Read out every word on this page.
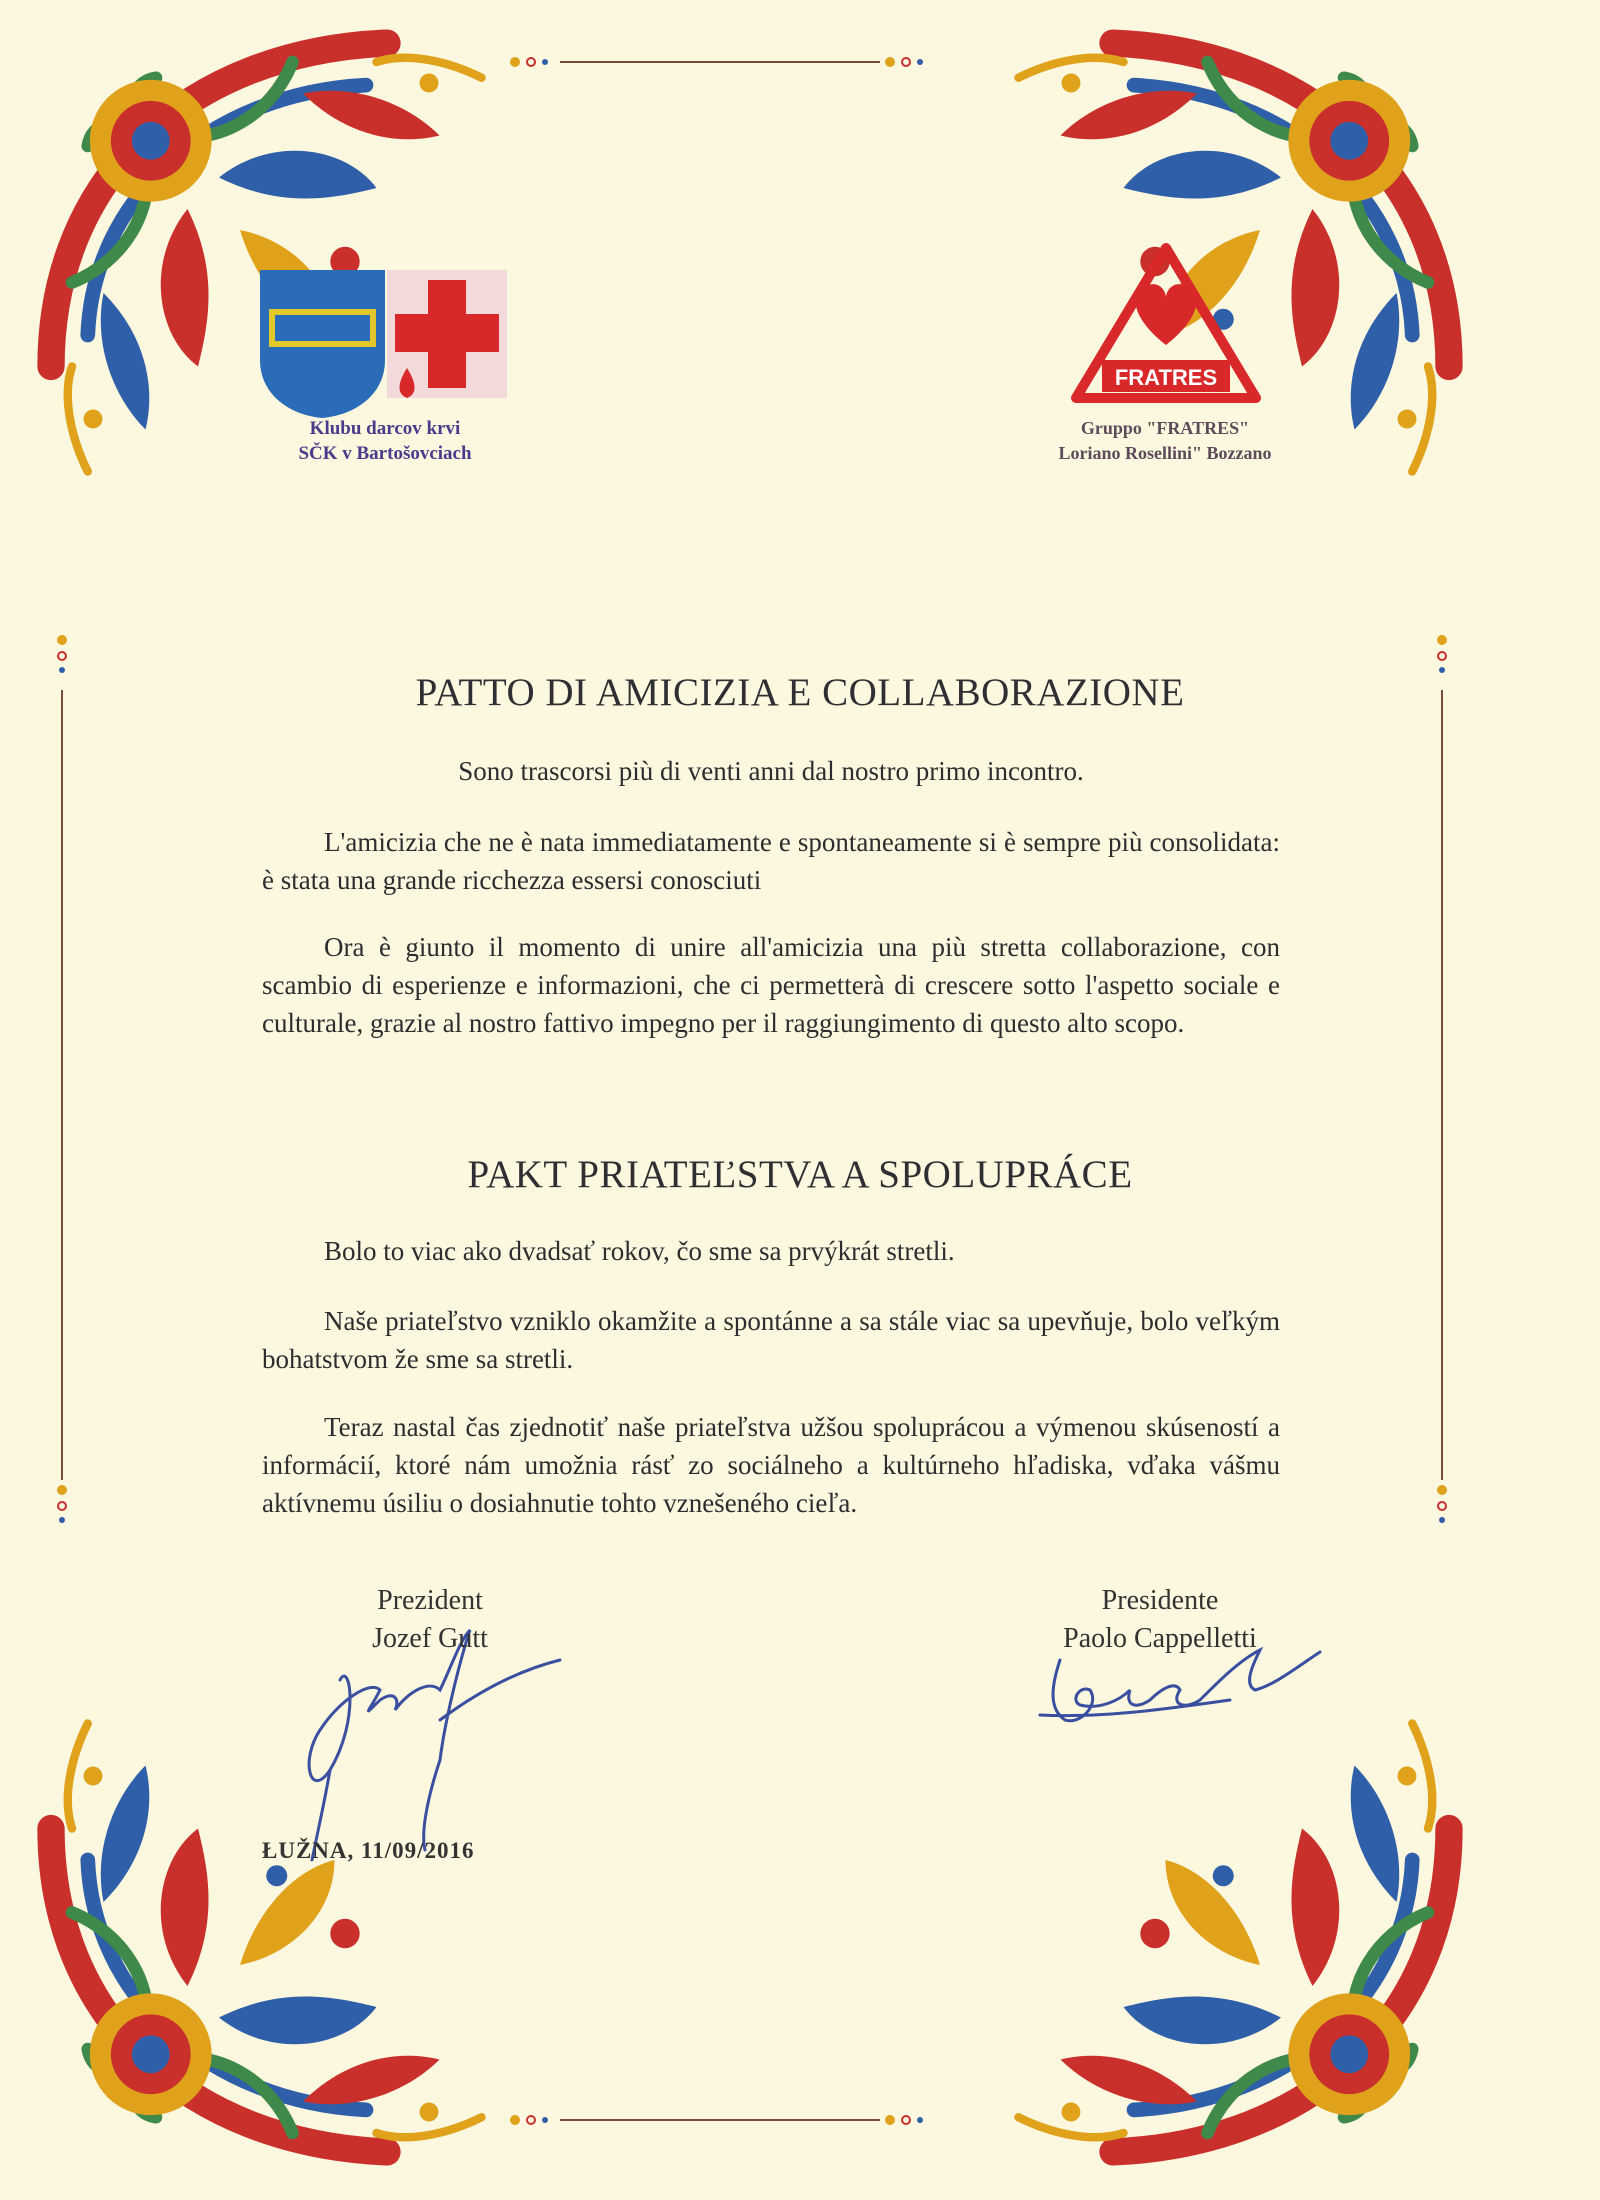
FRATRES
Klubu darcov krvi
SČK v Bartošovciach
Gruppo "FRATRES"
Loriano Rosellini" Bozzano
PATTO DI AMICIZIA E COLLABORAZIONE
Sono trascorsi più di venti anni dal nostro primo incontro.
L'amicizia che ne è nata immediatamente e spontaneamente si è sempre più consolidata: è stata una grande ricchezza essersi conosciuti
Ora è giunto il momento di unire all'amicizia una più stretta collaborazione, con scambio di esperienze e informazioni, che ci permetterà di crescere sotto l'aspetto sociale e culturale, grazie al nostro fattivo impegno per il raggiungimento di questo alto scopo.
PAKT PRIATEĽSTVA A SPOLUPRÁCE
Bolo to viac ako dvadsať rokov, čo sme sa prvýkrát stretli.
Naše priateľstvo vzniklo okamžite a spontánne a sa stále viac sa upevňuje, bolo veľkým bohatstvom že sme sa stretli.
Teraz nastal čas zjednotiť naše priateľstva užšou spoluprácou a výmenou skúseností a informácií, ktoré nám umožnia rásť zo sociálneho a kultúrneho hľadiska, vďaka vášmu aktívnemu úsiliu o dosiahnutie tohto vznešeného cieľa.
Prezident
Jozef Gutt
Presidente
Paolo Cappelletti
ŁUŽNA, 11/09/2016
